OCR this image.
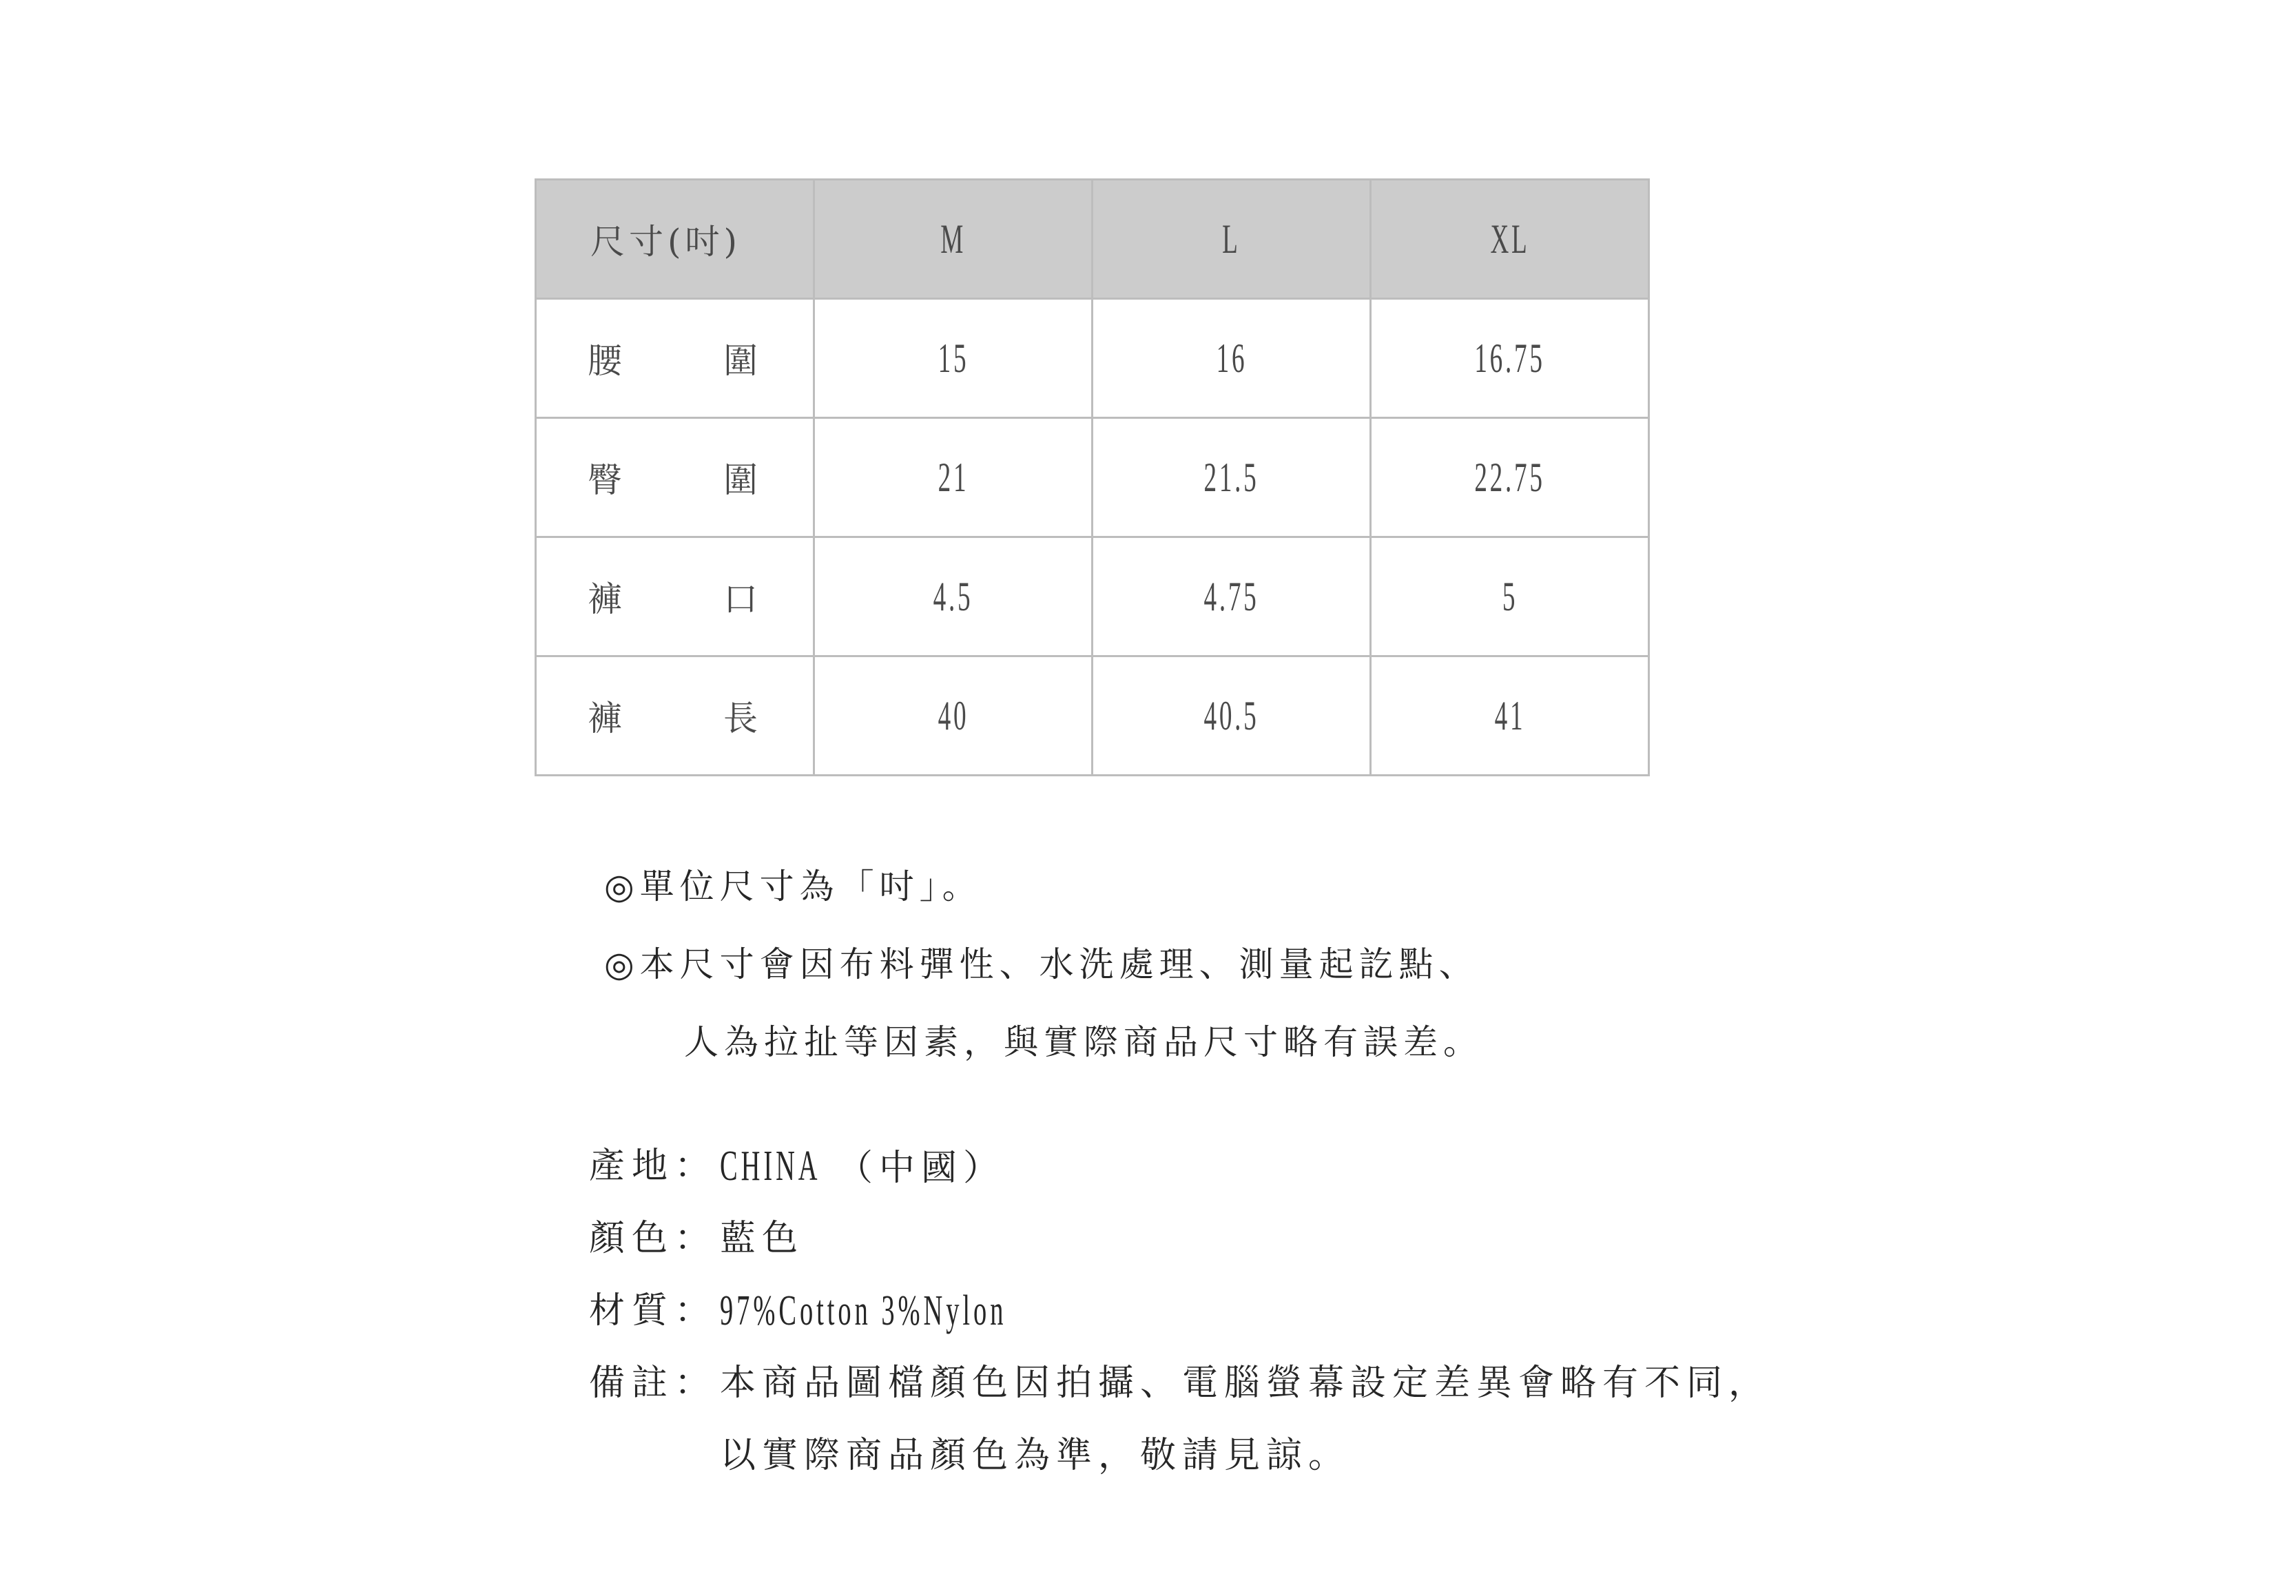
尺寸(吋)	M	L	XL

腰 圍	15	16	16.75

臀 圍	21	21.5	22.75

褲 口	4.5	4.75	5

褲 長	40	40.5	41
◎單位尺寸為「吋」。
◎本尺寸會因布料彈性、水洗處理、測量起訖點、
人為拉扯等因素，與實際商品尺寸略有誤差。
產地： CHINA （中國）
顏色： 藍色
材質： 97%Cotton 3%Nylon
備註： 本商品圖檔顏色因拍攝、電腦螢幕設定差異會略有不同，
以實際商品顏色為準，敬請見諒。
